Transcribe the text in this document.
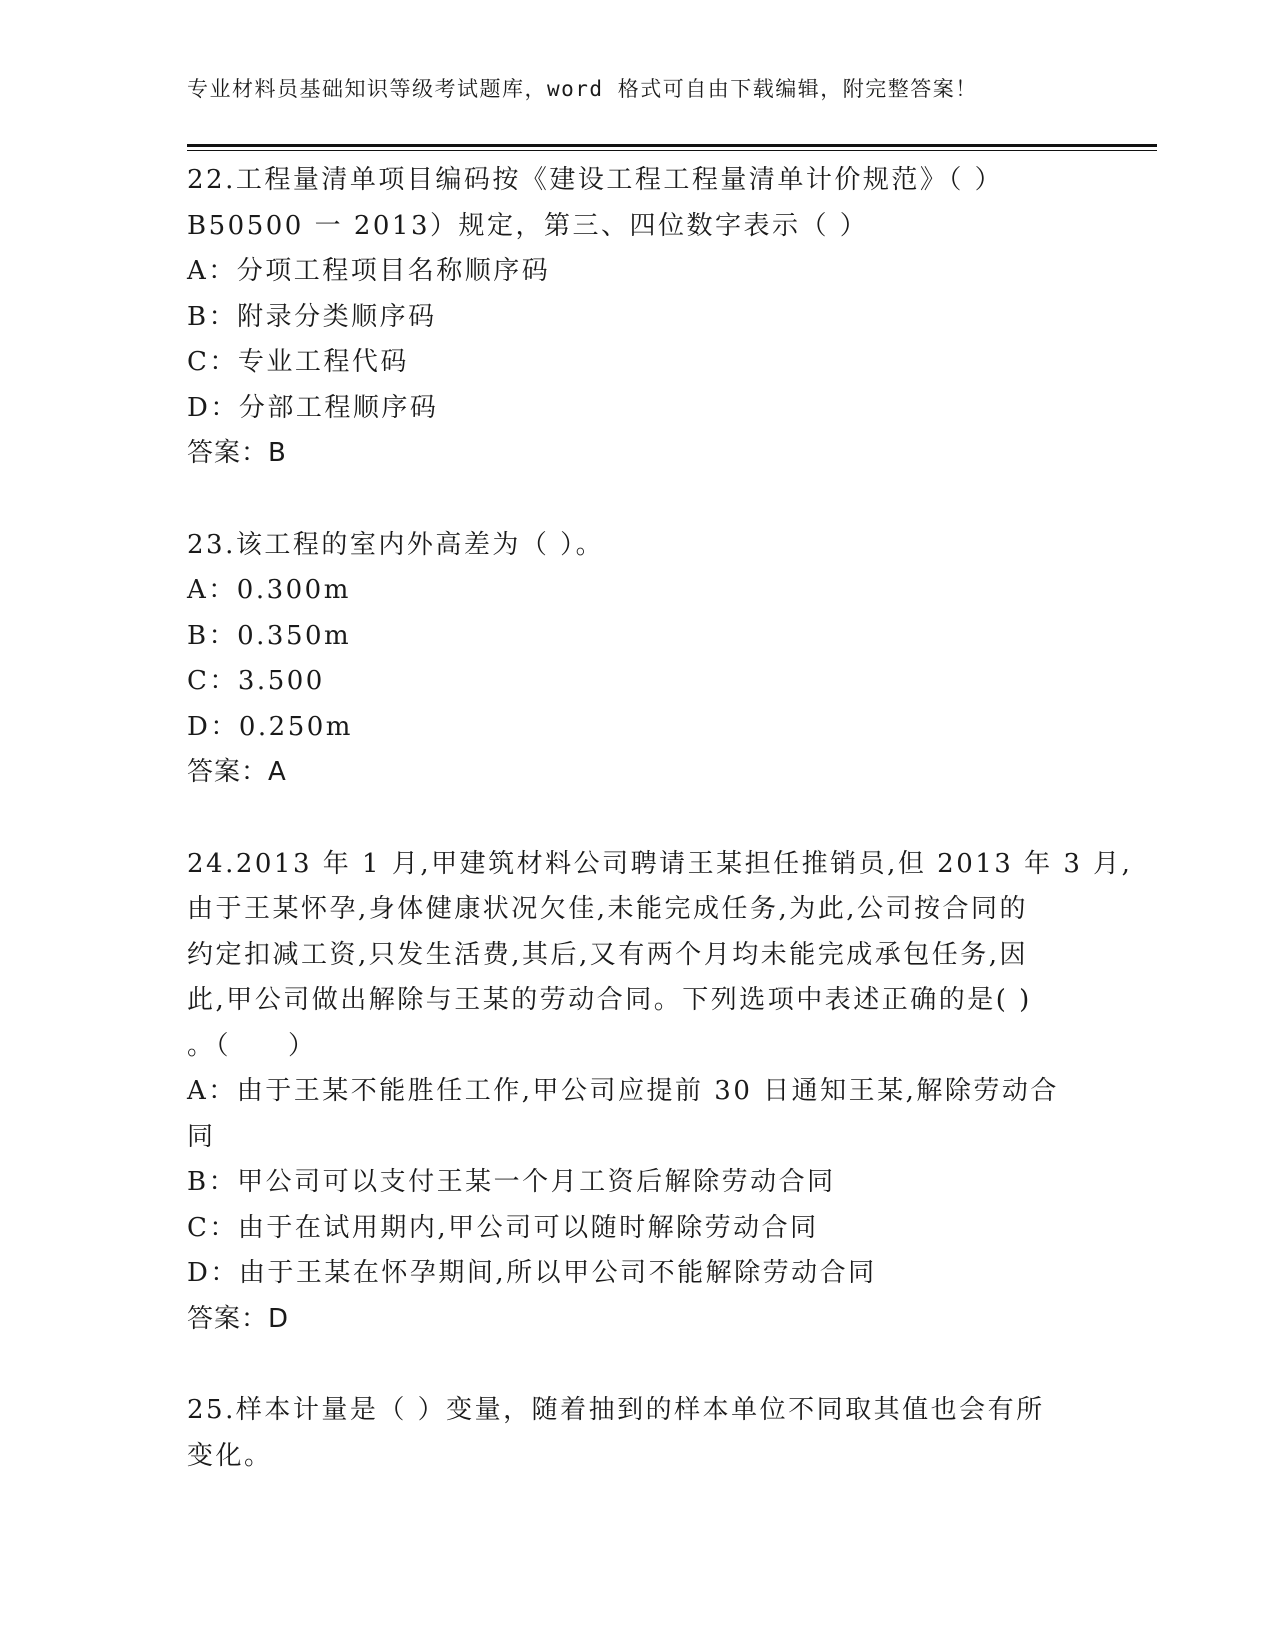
专业材料员基础知识等级考试题库，word 格式可自由下载编辑，附完整答案！
22.工程量清单项目编码按《建设工程工程量清单计价规范》（ ）
B50500 一 2013）规定，第三、四位数字表示（ ）
A：分项工程项目名称顺序码
B：附录分类顺序码
C：专业工程代码
D：分部工程顺序码
答案：B
23.该工程的室内外高差为（ ）。
A：0.300m
B：0.350m
C：3.500
D：0.250m
答案：A
24.2013 年 1 月,甲建筑材料公司聘请王某担任推销员,但 2013 年 3 月,
由于王某怀孕,身体健康状况欠佳,未能完成任务,为此,公司按合同的
约定扣减工资,只发生活费,其后,又有两个月均未能完成承包任务,因
此,甲公司做出解除与王某的劳动合同。下列选项中表述正确的是( )
。（　　）
A：由于王某不能胜任工作,甲公司应提前 30 日通知王某,解除劳动合
同
B：甲公司可以支付王某一个月工资后解除劳动合同
C：由于在试用期内,甲公司可以随时解除劳动合同
D：由于王某在怀孕期间,所以甲公司不能解除劳动合同
答案：D
25.样本计量是（ ）变量，随着抽到的样本单位不同取其值也会有所
变化。
